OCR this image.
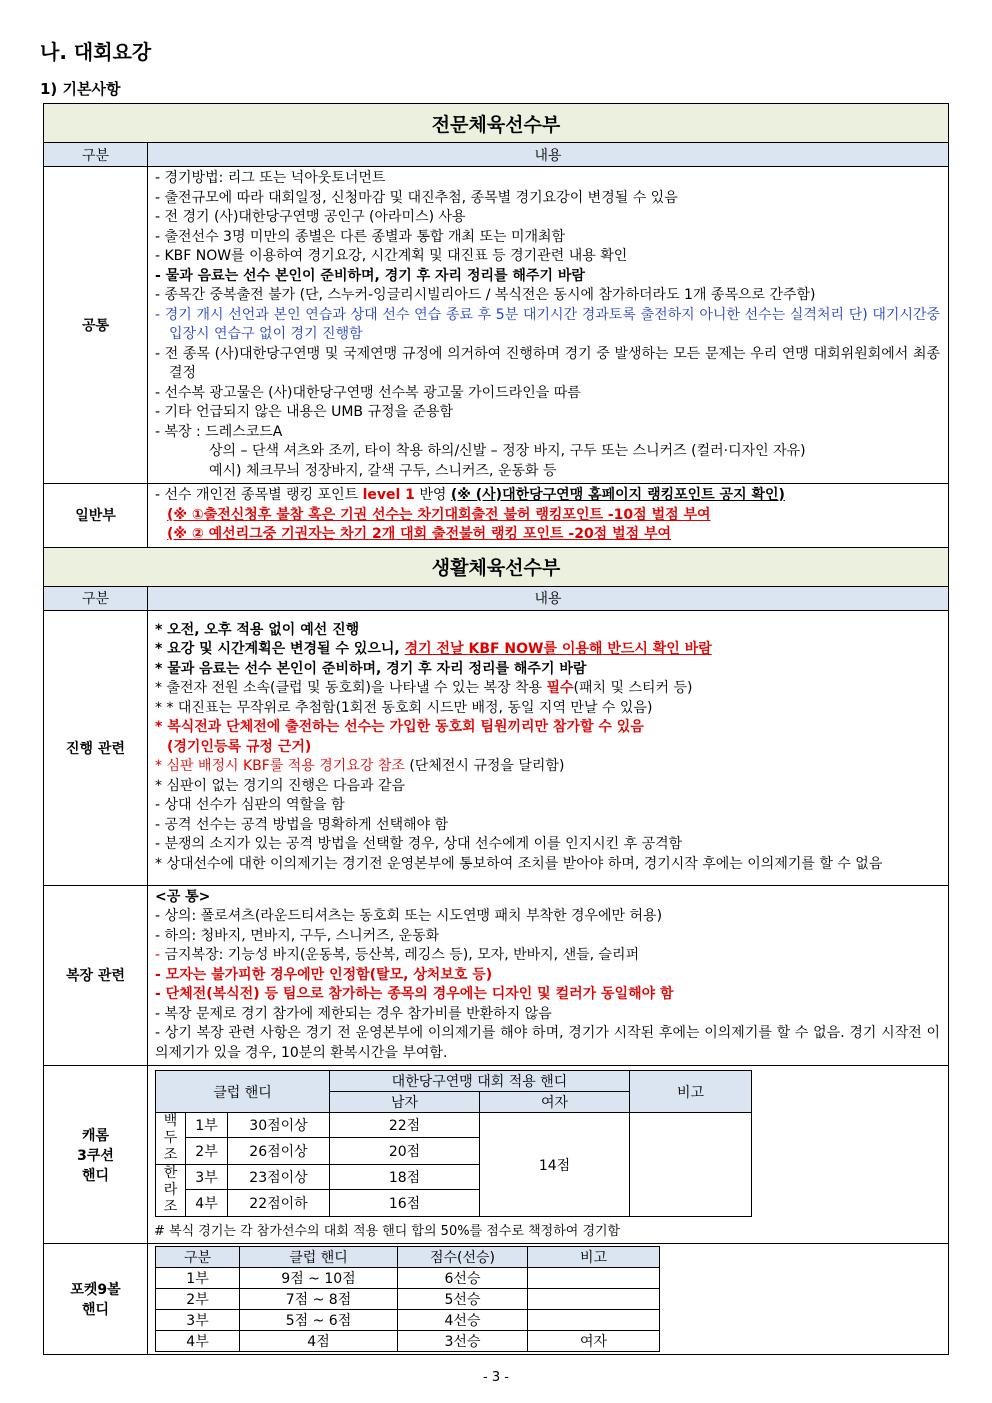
나. 대회요강
1) 기본사항
전문체육선수부
구분	내용
공통	
- 경기방법: 리그 또는 넉아웃토너먼트
- 출전규모에 따라 대회일정, 신청마감 및 대진추첨, 종목별 경기요강이 변경될 수 있음
- 전 경기 (사)대한당구연맹 공인구 (아라미스) 사용
- 출전선수 3명 미만의 종별은 다른 종별과 통합 개최 또는 미개최함
- KBF NOW를 이용하여 경기요강, 시간계획 및 대진표 등 경기관련 내용 확인
- 물과 음료는 선수 본인이 준비하며, 경기 후 자리 정리를 해주기 바람
- 종목간 중복출전 불가 (단, 스누커-잉글리시빌리아드 / 복식전은 동시에 참가하더라도 1개 종목으로 간주함)
- 경기 개시 선언과 본인 연습과 상대 선수 연습 종료 후 5분 대기시간 경과토록 출전하지 아니한 선수는 실격처리 단) 대기시간중 입장시 연습구 없이 경기 진행함
- 전 종목 (사)대한당구연맹 및 국제연맹 규정에 의거하여 진행하며 경기 중 발생하는 모든 문제는 우리 연맹 대회위원회에서 최종 결정
- 선수복 광고물은 (사)대한당구연맹 선수복 광고물 가이드라인을 따름
- 기타 언급되지 않은 내용은 UMB 규정을 준용함
- 복장 : 드레스코드A
상의 – 단색 셔츠와 조끼, 타이 착용 하의/신발 – 정장 바지, 구두 또는 스니커즈 (컬러·디자인 자유)
예시) 체크무늬 정장바지, 갈색 구두, 스니커즈, 운동화 등

일반부	
- 선수 개인전 종목별 랭킹 포인트 level 1 반영 (※ (사)대한당구연맹 홈페이지 랭킹포인트 공지 확인)
(※ ①출전신청후 불참 혹은 기권 선수는 차기대회출전 불허 랭킹포인트 -10점 벌점 부여
(※ ② 예선리그중 기권자는 차기 2개 대회 출전불허 랭킹 포인트 -20점 벌점 부여

생활체육선수부
구분	내용
진행 관련	
* 오전, 오후 적용 없이 예선 진행
* 요강 및 시간계획은 변경될 수 있으니, 경기 전날 KBF NOW를 이용해 반드시 확인 바람
* 물과 음료는 선수 본인이 준비하며, 경기 후 자리 정리를 해주기 바람
* 출전자 전원 소속(클럽 및 동호회)을 나타낼 수 있는 복장 착용 필수(패치 및 스티커 등)
* * 대진표는 무작위로 추첨함(1회전 동호회 시드만 배정, 동일 지역 만날 수 있음)
* 복식전과 단체전에 출전하는 선수는 가입한 동호회 팀원끼리만 참가할 수 있음
(경기인등록 규정 근거)
* 심판 배정시 KBF룰 적용 경기요강 참조 (단체전시 규정을 달리함)
* 심판이 없는 경기의 진행은 다음과 같음
- 상대 선수가 심판의 역할을 함
- 공격 선수는 공격 방법을 명확하게 선택해야 함
- 분쟁의 소지가 있는 공격 방법을 선택할 경우, 상대 선수에게 이를 인지시킨 후 공격함
* 상대선수에 대한 이의제기는 경기전 운영본부에 통보하여 조치를 받아야 하며, 경기시작 후에는 이의제기를 할 수 없음

복장 관련	
<공 통>
- 상의: 폴로셔츠(라운드티셔츠는 동호회 또는 시도연맹 패치 부착한 경우에만 허용)
- 하의: 청바지, 면바지, 구두, 스니커즈, 운동화
- 금지복장: 기능성 바지(운동복, 등산복, 레깅스 등), 모자, 반바지, 샌들, 슬리퍼
- 모자는 불가피한 경우에만 인정함(탈모, 상처보호 등)
- 단체전(복식전) 등 팀으로 참가하는 종목의 경우에는 디자인 및 컬러가 동일해야 함
- 복장 문제로 경기 참가에 제한되는 경우 참가비를 반환하지 않음
- 상기 복장 관련 사항은 경기 전 운영본부에 이의제기를 해야 하며, 경기가 시작된 후에는 이의제기를 할 수 없음. 경기 시작전 이의제기가 있을 경우, 10분의 환복시간을 부여함.

캐롬
3쿠션
핸디

클럽 핸디	대한당구연맹 대회 적용 핸디	비고
남자	여자
백두조	1부	30점이상	22점	14점	
2부	26점이상	20점
한라조	3부	23점이상	18점
4부	22점이하	16점
# 복식 경기는 각 참가선수의 대회 적용 핸디 합의 50%를 점수로 책정하여 경기함

포켓9볼
핸디

구분	클럽 핸디	점수(선승)	비고
1부	9점 ~ 10점	6선승	
2부	7점 ~ 8점	5선승	
3부	5점 ~ 6점	4선승	
4부	4점	3선승	여자
- 3 -
